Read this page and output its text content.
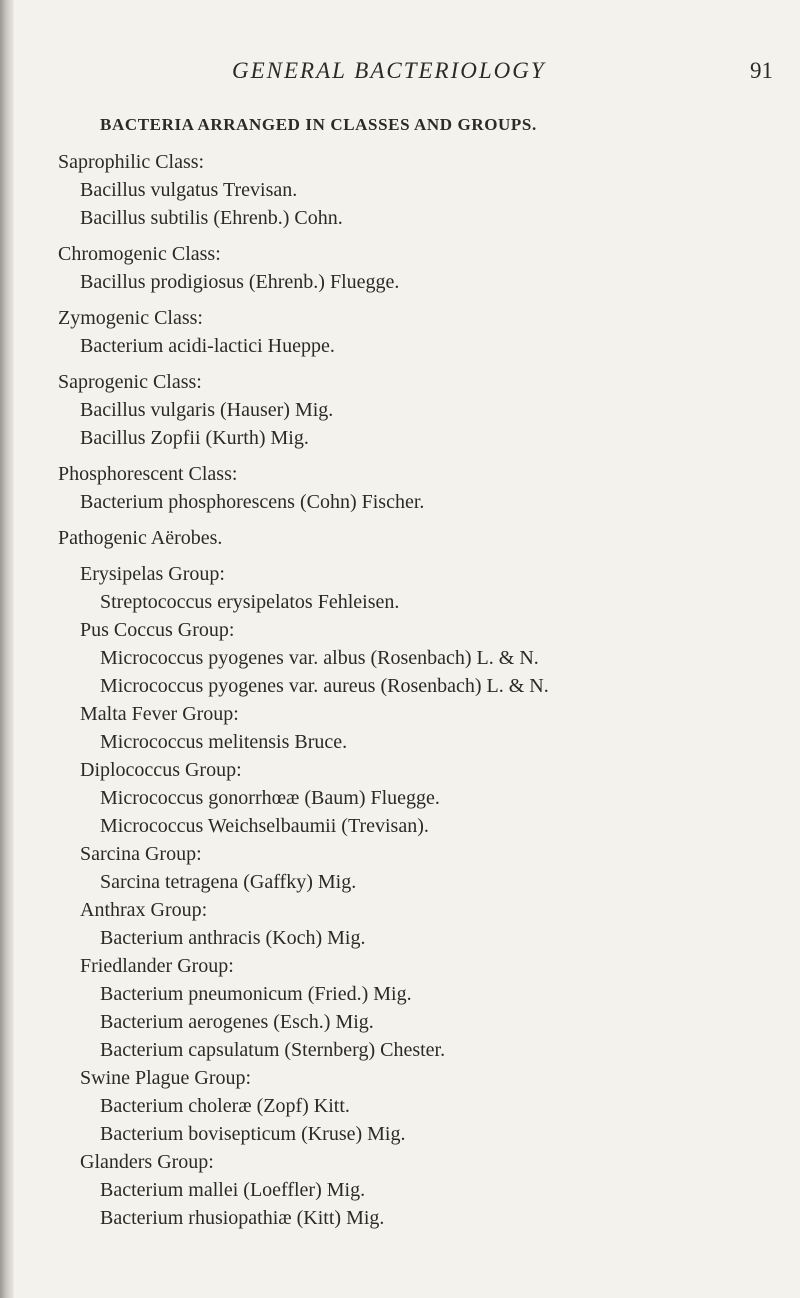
GENERAL BACTERIOLOGY	91
BACTERIA ARRANGED IN CLASSES AND GROUPS.
Saprophilic Class:
Bacillus vulgatus Trevisan.
Bacillus subtilis (Ehrenb.) Cohn.
Chromogenic Class:
Bacillus prodigiosus (Ehrenb.) Fluegge.
Zymogenic Class:
Bacterium acidi-lactici Hueppe.
Saprogenic Class:
Bacillus vulgaris (Hauser) Mig.
Bacillus Zopfii (Kurth) Mig.
Phosphorescent Class:
Bacterium phosphorescens (Cohn) Fischer.
Pathogenic Aërobes.
Erysipelas Group:
Streptococcus erysipelatos Fehleisen.
Pus Coccus Group:
Micrococcus pyogenes var. albus (Rosenbach) L. & N.
Micrococcus pyogenes var. aureus (Rosenbach) L. & N.
Malta Fever Group:
Micrococcus melitensis Bruce.
Diplococcus Group:
Micrococcus gonorrhœæ (Baum) Fluegge.
Micrococcus Weichselbaumii (Trevisan).
Sarcina Group:
Sarcina tetragena (Gaffky) Mig.
Anthrax Group:
Bacterium anthracis (Koch) Mig.
Friedlander Group:
Bacterium pneumonicum (Fried.) Mig.
Bacterium aerogenes (Esch.) Mig.
Bacterium capsulatum (Sternberg) Chester.
Swine Plague Group:
Bacterium choleræ (Zopf) Kitt.
Bacterium bovisepticum (Kruse) Mig.
Glanders Group:
Bacterium mallei (Loeffler) Mig.
Bacterium rhusiopathiæ (Kitt) Mig.
